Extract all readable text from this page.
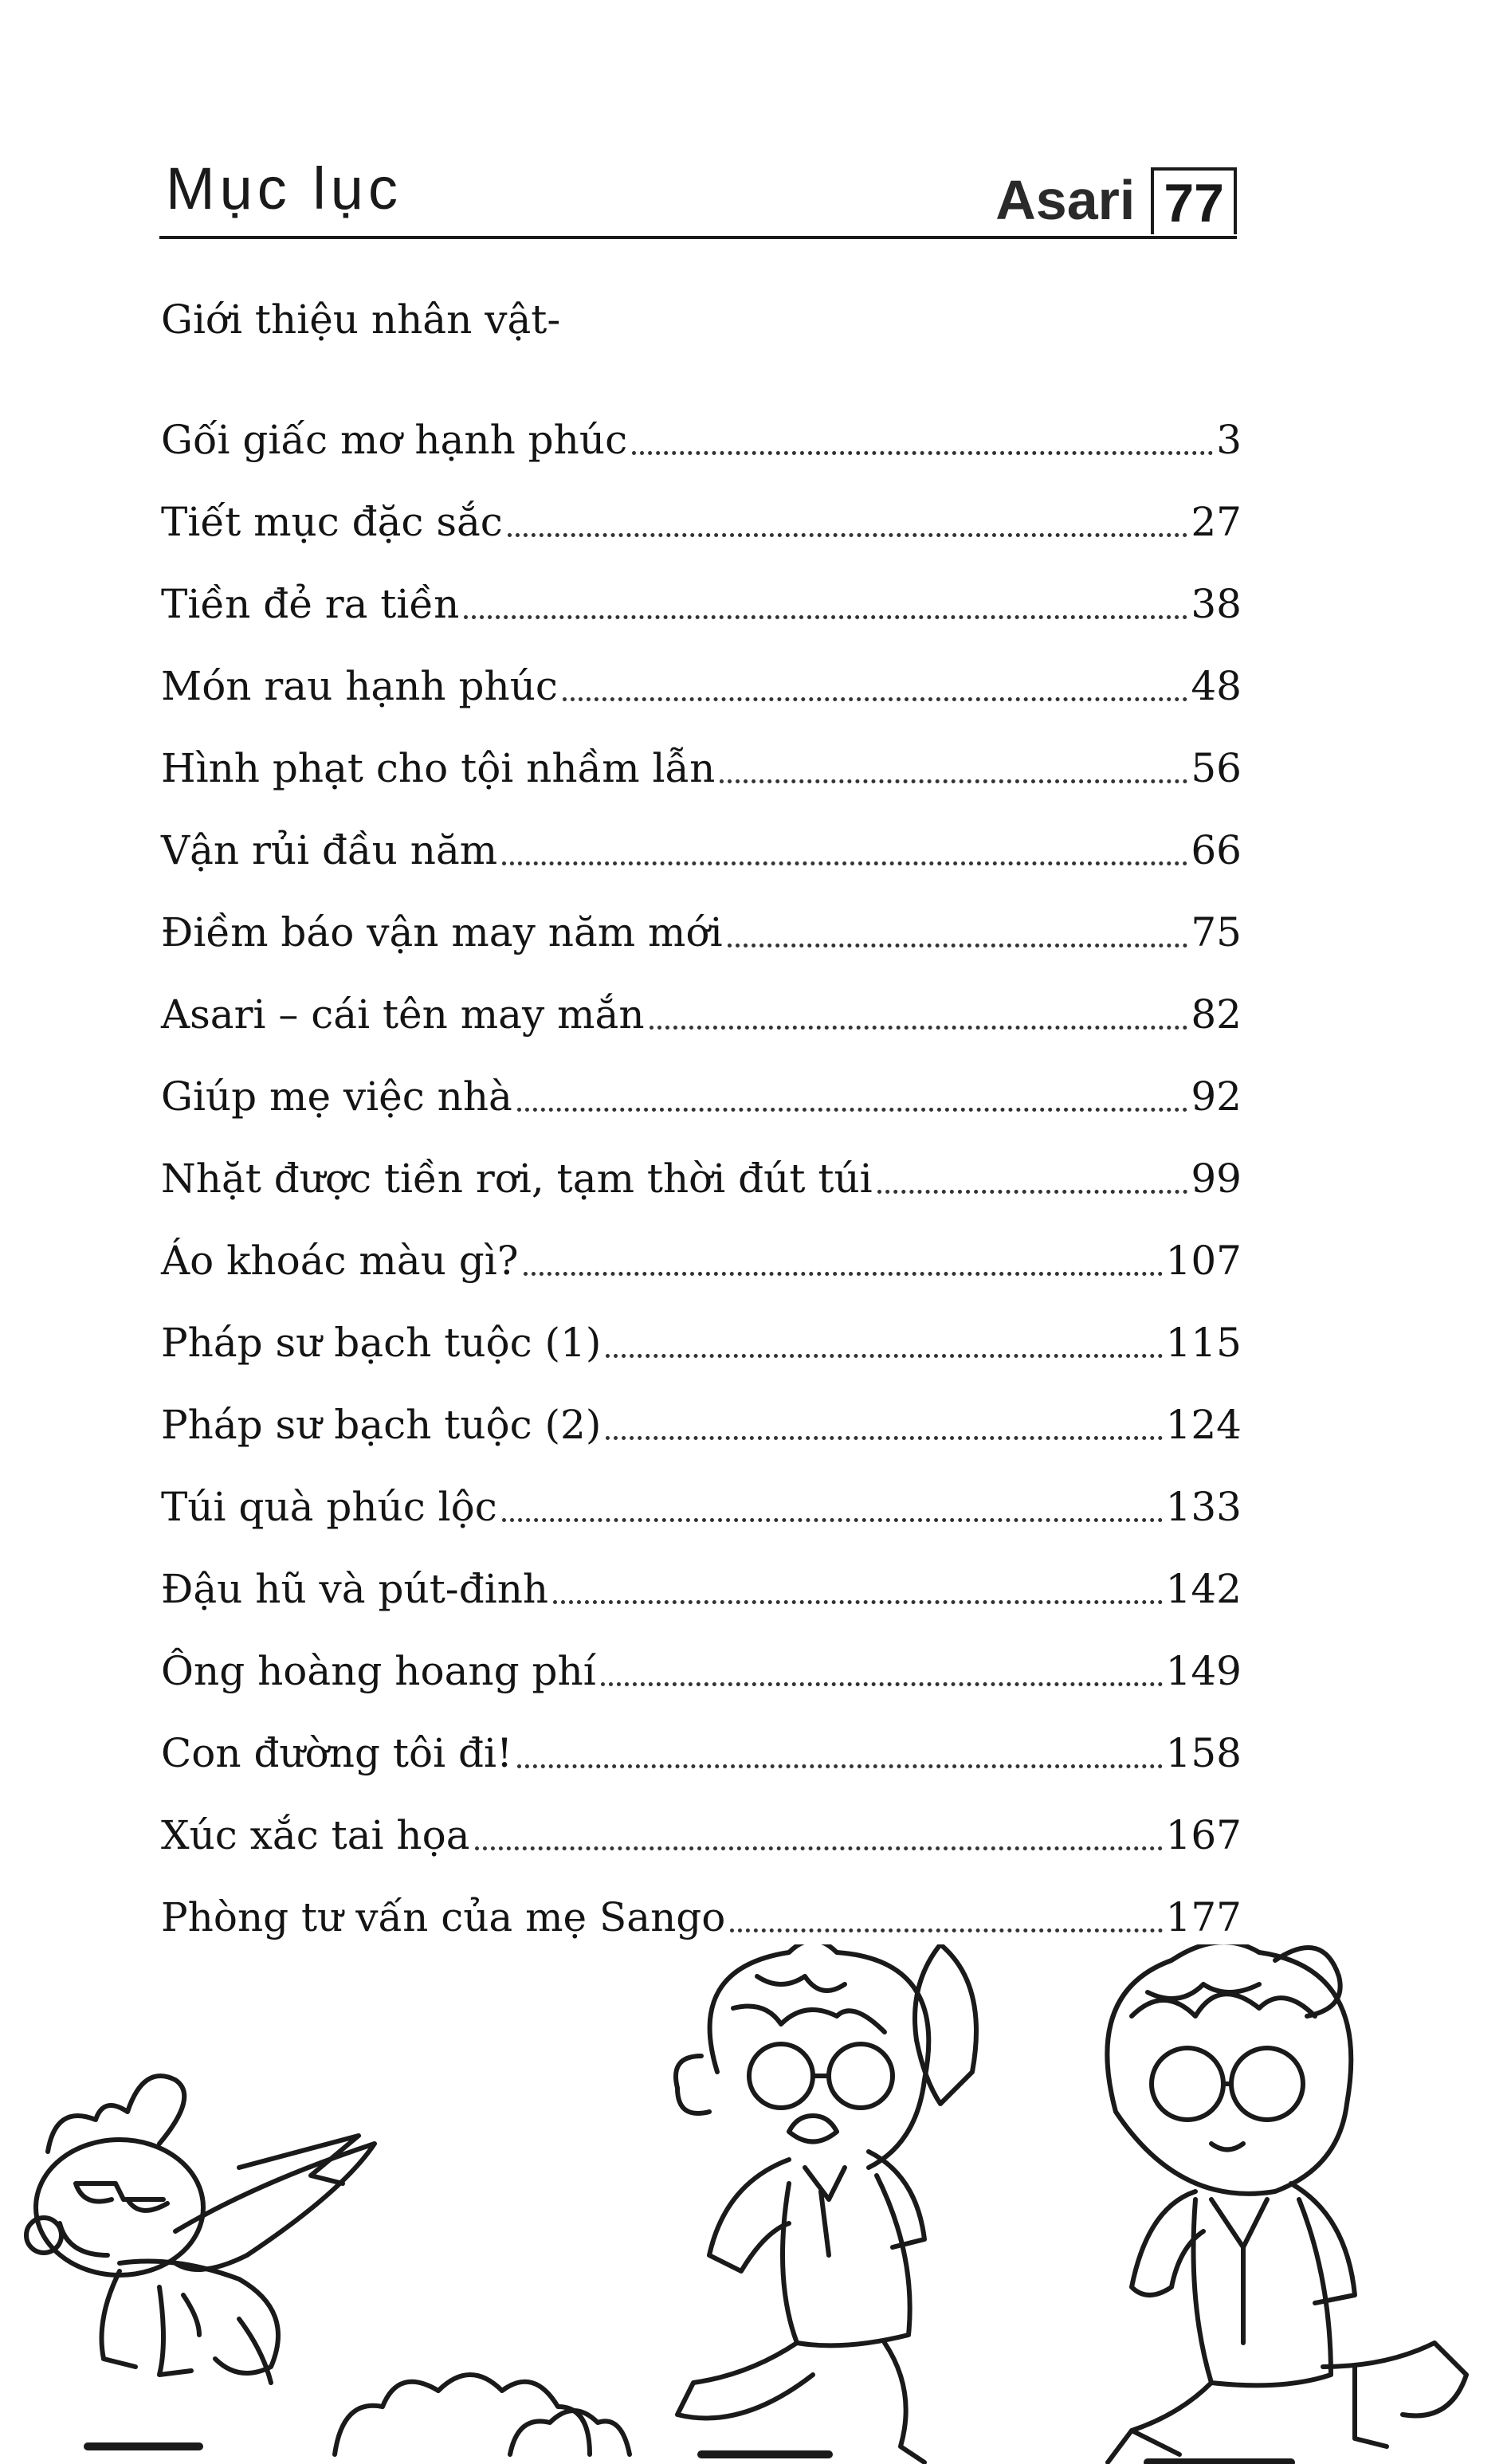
Mục lục	Asari 77
Giới thiệu nhân vật-
Gối giấc mơ hạnh phúc	3
Tiết mục đặc sắc	27
Tiền đẻ ra tiền	38
Món rau hạnh phúc	48
Hình phạt cho tội nhầm lẫn	56
Vận rủi đầu năm	66
Điềm báo vận may năm mới	75
Asari – cái tên may mắn	82
Giúp mẹ việc nhà	92
Nhặt được tiền rơi, tạm thời đút túi	99
Áo khoác màu gì?	107
Pháp sư bạch tuộc (1)	115
Pháp sư bạch tuộc (2)	124
Túi quà phúc lộc	133
Đậu hũ và pút-đinh	142
Ông hoàng hoang phí	149
Con đường tôi đi!	158
Xúc xắc tai họa	167
Phòng tư vấn của mẹ Sango	177
